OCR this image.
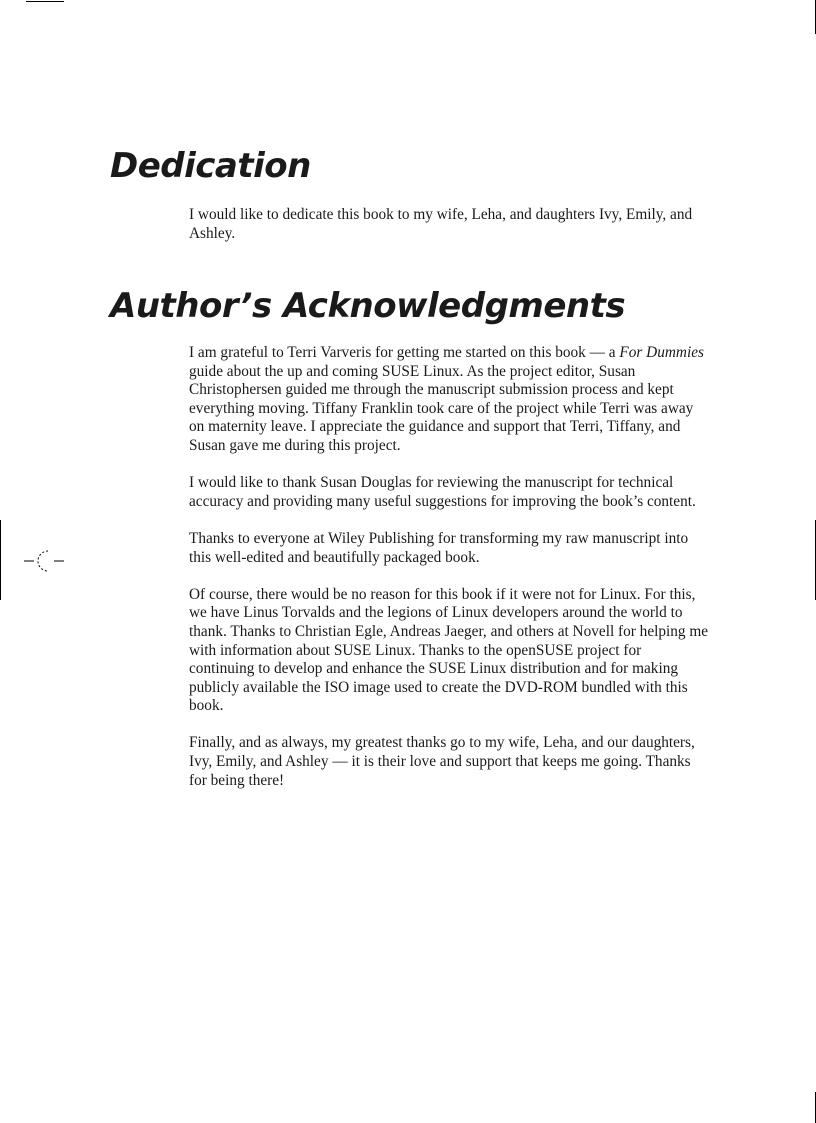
Dedication

I would like to dedicate this book to my wife, Leha, and daughters Ivy, Emily, and Ashley.

Author’s Acknowledgments

I am grateful to Terri Varveris for getting me started on this book — a For Dummies guide about the up and coming SUSE Linux. As the project editor, Susan Christophersen guided me through the manuscript submission process and kept everything moving. Tiffany Franklin took care of the project while Terri was away on maternity leave. I appreciate the guidance and support that Terri, Tiffany, and Susan gave me during this project.

I would like to thank Susan Douglas for reviewing the manuscript for technical accuracy and providing many useful suggestions for improving the book’s content.

Thanks to everyone at Wiley Publishing for transforming my raw manuscript into this well-edited and beautifully packaged book.

Of course, there would be no reason for this book if it were not for Linux. For this, we have Linus Torvalds and the legions of Linux developers around the world to thank. Thanks to Christian Egle, Andreas Jaeger, and others at Novell for helping me with information about SUSE Linux. Thanks to the openSUSE project for continuing to develop and enhance the SUSE Linux distribution and for making publicly available the ISO image used to create the DVD-ROM bundled with this book.

Finally, and as always, my greatest thanks go to my wife, Leha, and our daughters, Ivy, Emily, and Ashley — it is their love and support that keeps me going. Thanks for being there!
